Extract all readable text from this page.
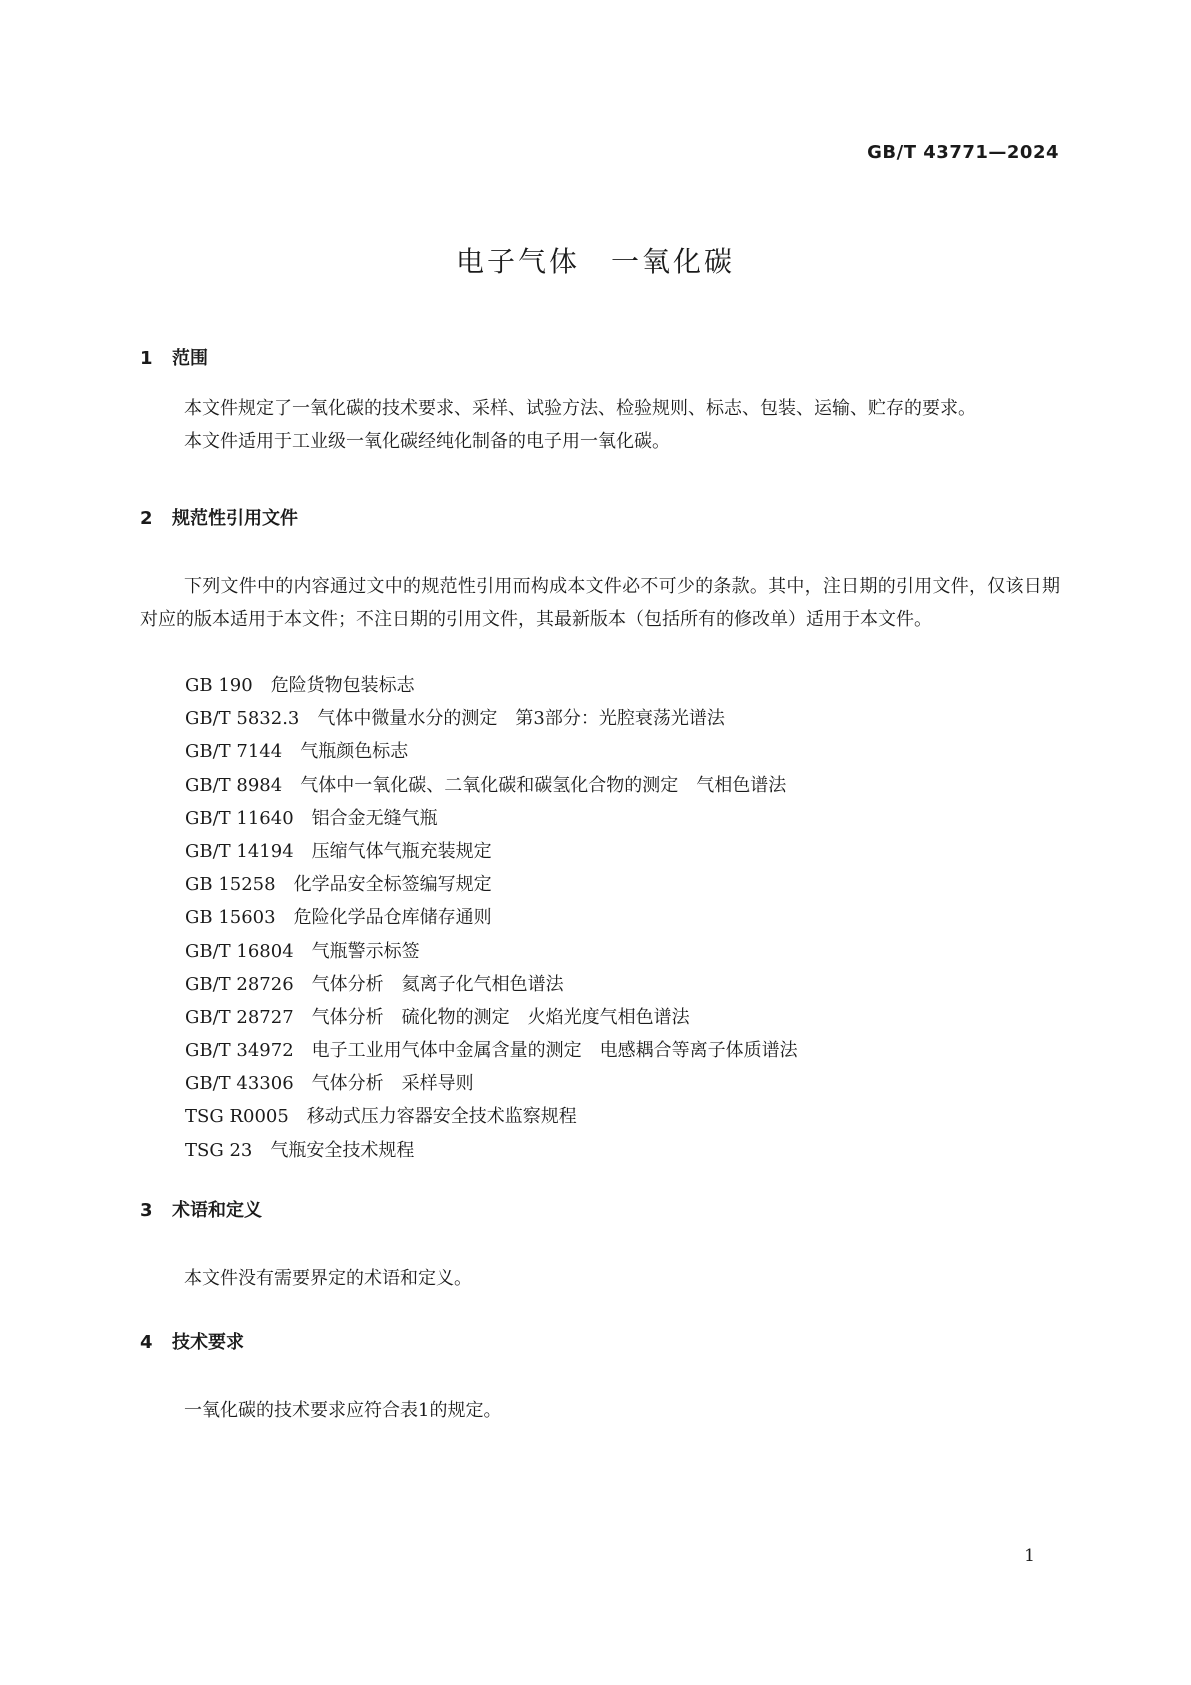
GB/T 43771—2024
电子气体　一氧化碳
1 范围

本文件规定了一氧化碳的技术要求、采样、试验方法、检验规则、标志、包装、运输、贮存的要求。

本文件适用于工业级一氧化碳经纯化制备的电子用一氧化碳。

2 规范性引用文件

下列文件中的内容通过文中的规范性引用而构成本文件必不可少的条款。其中，注日期的引用文件，仅该日期对应的版本适用于本文件；不注日期的引用文件，其最新版本（包括所有的修改单）适用于本文件。

GB 190 危险货物包装标志
GB/T 5832.3 气体中微量水分的测定　第3部分：光腔衰荡光谱法
GB/T 7144 气瓶颜色标志
GB/T 8984 气体中一氧化碳、二氧化碳和碳氢化合物的测定　气相色谱法
GB/T 11640 铝合金无缝气瓶
GB/T 14194 压缩气体气瓶充装规定
GB 15258 化学品安全标签编写规定
GB 15603 危险化学品仓库储存通则
GB/T 16804 气瓶警示标签
GB/T 28726 气体分析　氦离子化气相色谱法
GB/T 28727 气体分析　硫化物的测定　火焰光度气相色谱法
GB/T 34972 电子工业用气体中金属含量的测定　电感耦合等离子体质谱法
GB/T 43306 气体分析　采样导则
TSG R0005 移动式压力容器安全技术监察规程
TSG 23 气瓶安全技术规程
3 术语和定义

本文件没有需要界定的术语和定义。

4 技术要求

一氧化碳的技术要求应符合表1的规定。

1
